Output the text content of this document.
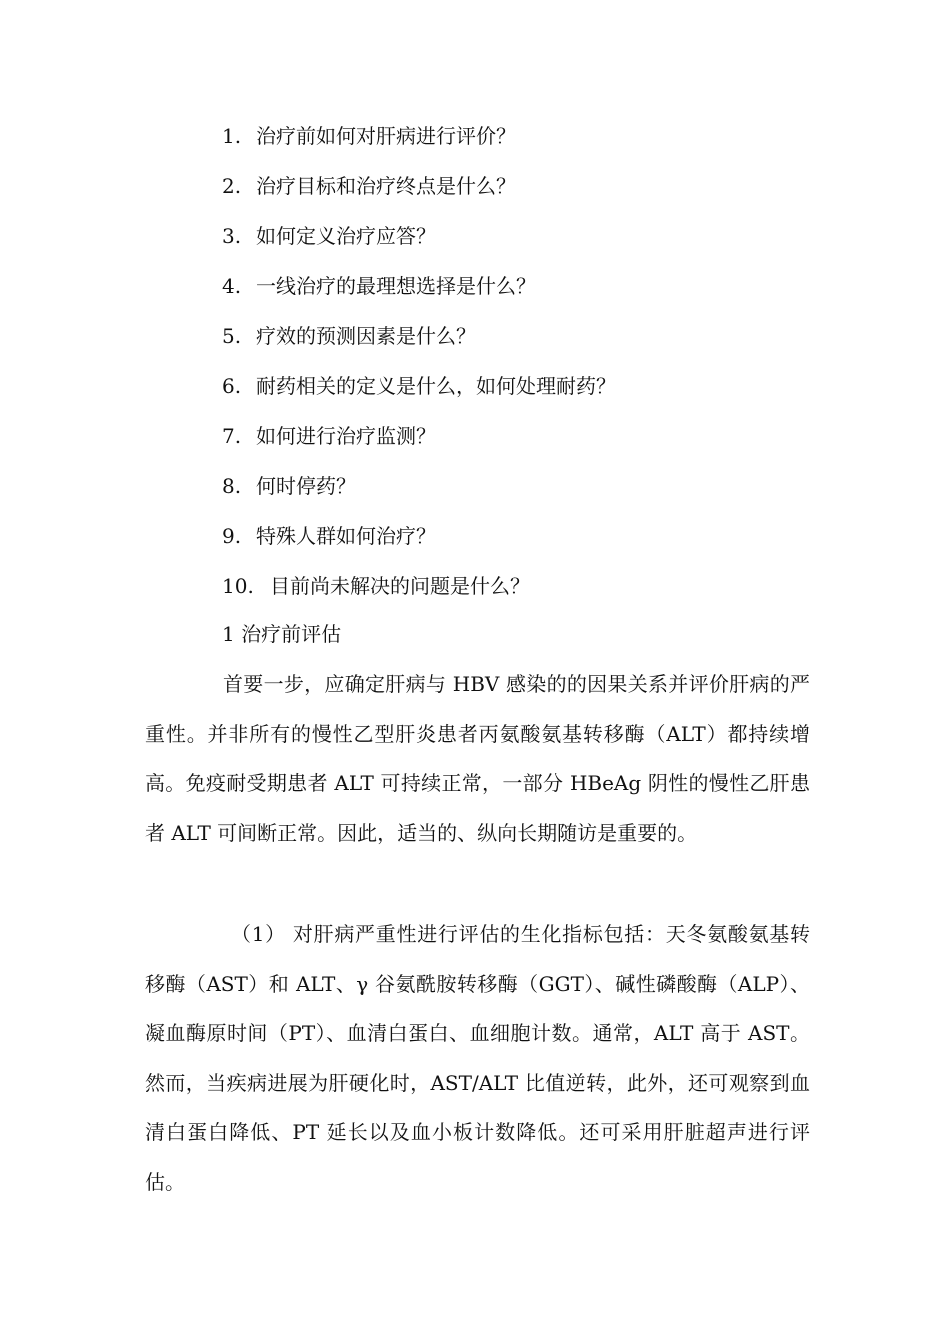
1. 治疗前如何对肝病进行评价？
2. 治疗目标和治疗终点是什么？
3. 如何定义治疗应答？
4. 一线治疗的最理想选择是什么？
5. 疗效的预测因素是什么？
6. 耐药相关的定义是什么，如何处理耐药？
7. 如何进行治疗监测？
8. 何时停药？
9. 特殊人群如何治疗？
10. 目前尚未解决的问题是什么？
1 治疗前评估

首要一步，应确定肝病与 HBV 感染的的因果关系并评价肝病的严重性。并非所有的慢性乙型肝炎患者丙氨酸氨基转移酶（ALT）都持续增高。免疫耐受期患者 ALT 可持续正常，一部分 HBeAg 阴性的慢性乙肝患者 ALT 可间断正常。因此，适当的、纵向长期随访是重要的。

（1） 对肝病严重性进行评估的生化指标包括：天冬氨酸氨基转移酶（AST）和 ALT、γ 谷氨酰胺转移酶（GGT）、碱性磷酸酶（ALP）、凝血酶原时间（PT）、血清白蛋白、血细胞计数。通常，ALT 高于 AST。然而，当疾病进展为肝硬化时，AST/ALT 比值逆转，此外，还可观察到血清白蛋白降低、PT 延长以及血小板计数降低。还可采用肝脏超声进行评估。
